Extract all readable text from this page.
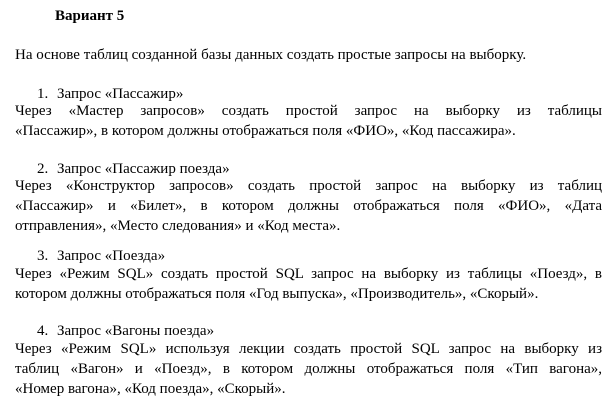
Вариант 5
На основе таблиц созданной базы данных создать простые запросы на выборку.
1. Запрос «Пассажир»
Через «Мастер запросов» создать простой запрос на выборку из таблицы
«Пассажир», в котором должны отображаться поля «ФИО», «Код пассажира».
2. Запрос «Пассажир поезда»
Через «Конструктор запросов» создать простой запрос на выборку из таблиц
«Пассажир» и «Билет», в котором должны отображаться поля «ФИО», «Дата
отправления», «Место следования» и «Код места».
3. Запрос «Поезда»
Через «Режим SQL» создать простой SQL запрос на выборку из таблицы «Поезд», в
котором должны отображаться поля «Год выпуска», «Производитель», «Скорый».
4. Запрос «Вагоны поезда»
Через «Режим SQL» используя лекции создать простой SQL запрос на выборку из
таблиц «Вагон» и «Поезд», в котором должны отображаться поля «Тип вагона»,
«Номер вагона», «Код поезда», «Скорый».
